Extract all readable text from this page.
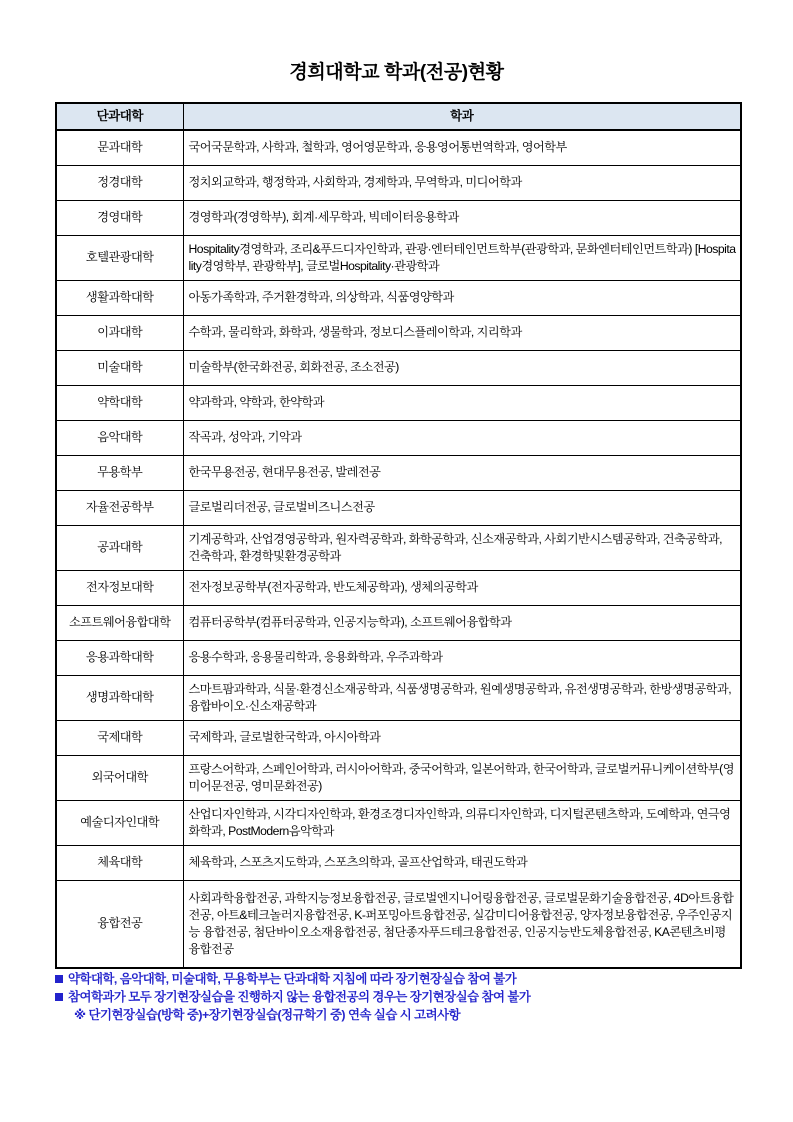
경희대학교 학과(전공)현황
단과대학	학과
문과대학	국어국문학과, 사학과, 철학과, 영어영문학과, 응용영어통번역학과, 영어학부
정경대학	정치외교학과, 행정학과, 사회학과, 경제학과, 무역학과, 미디어학과
경영대학	경영학과(경영학부), 회계·세무학과, 빅데이터응용학과
호텔관광대학	Hospitality경영학과, 조리&푸드디자인학과, 관광·엔터테인먼트학부(관광학과, 문화엔터테인먼트학과) [Hospitality경영학부, 관광학부], 글로벌Hospitality·관광학과
생활과학대학	아동가족학과, 주거환경학과, 의상학과, 식품영양학과
이과대학	수학과, 물리학과, 화학과, 생물학과, 정보디스플레이학과, 지리학과
미술대학	미술학부(한국화전공, 회화전공, 조소전공)
약학대학	약과학과, 약학과, 한약학과
음악대학	작곡과, 성악과, 기악과
무용학부	한국무용전공, 현대무용전공, 발레전공
자율전공학부	글로벌리더전공, 글로벌비즈니스전공
공과대학	기계공학과, 산업경영공학과, 원자력공학과, 화학공학과, 신소재공학과, 사회기반시스템공학과, 건축공학과, 건축학과, 환경학및환경공학과
전자정보대학	전자정보공학부(전자공학과, 반도체공학과), 생체의공학과
소프트웨어융합대학	컴퓨터공학부(컴퓨터공학과, 인공지능학과), 소프트웨어융합학과
응용과학대학	응용수학과, 응용물리학과, 응용화학과, 우주과학과
생명과학대학	스마트팜과학과, 식물·환경신소재공학과, 식품생명공학과, 원예생명공학과, 유전생명공학과, 한방생명공학과, 융합바이오·신소재공학과
국제대학	국제학과, 글로벌한국학과, 아시아학과
외국어대학	프랑스어학과, 스페인어학과, 러시아어학과, 중국어학과, 일본어학과, 한국어학과, 글로벌커뮤니케이션학부(영미어문전공, 영미문화전공)
예술디자인대학	산업디자인학과, 시각디자인학과, 환경조경디자인학과, 의류디자인학과, 디지털콘텐츠학과, 도예학과, 연극영화학과, PostModern음악학과
체육대학	체육학과, 스포츠지도학과, 스포츠의학과, 골프산업학과, 태권도학과
융합전공	사회과학융합전공, 과학지능정보융합전공, 글로벌엔지니어링융합전공, 글로벌문화기술융합전공, 4D아트융합전공, 아트&테크놀러지융합전공, K-퍼포밍아트융합전공, 실감미디어융합전공, 양자정보융합전공, 우주인공지능 융합전공, 첨단바이오소재융합전공, 첨단종자푸드테크융합전공, 인공지능반도체융합전공, KA콘텐츠비평융합전공

약학대학, 음악대학, 미술대학, 무용학부는 단과대학 지침에 따라 장기현장실습 참여 불가

참여학과가 모두 장기현장실습을 진행하지 않는 융합전공의 경우는 장기현장실습 참여 불가

※ 단기현장실습(방학 중)+장기현장실습(정규학기 중) 연속 실습 시 고려사항
